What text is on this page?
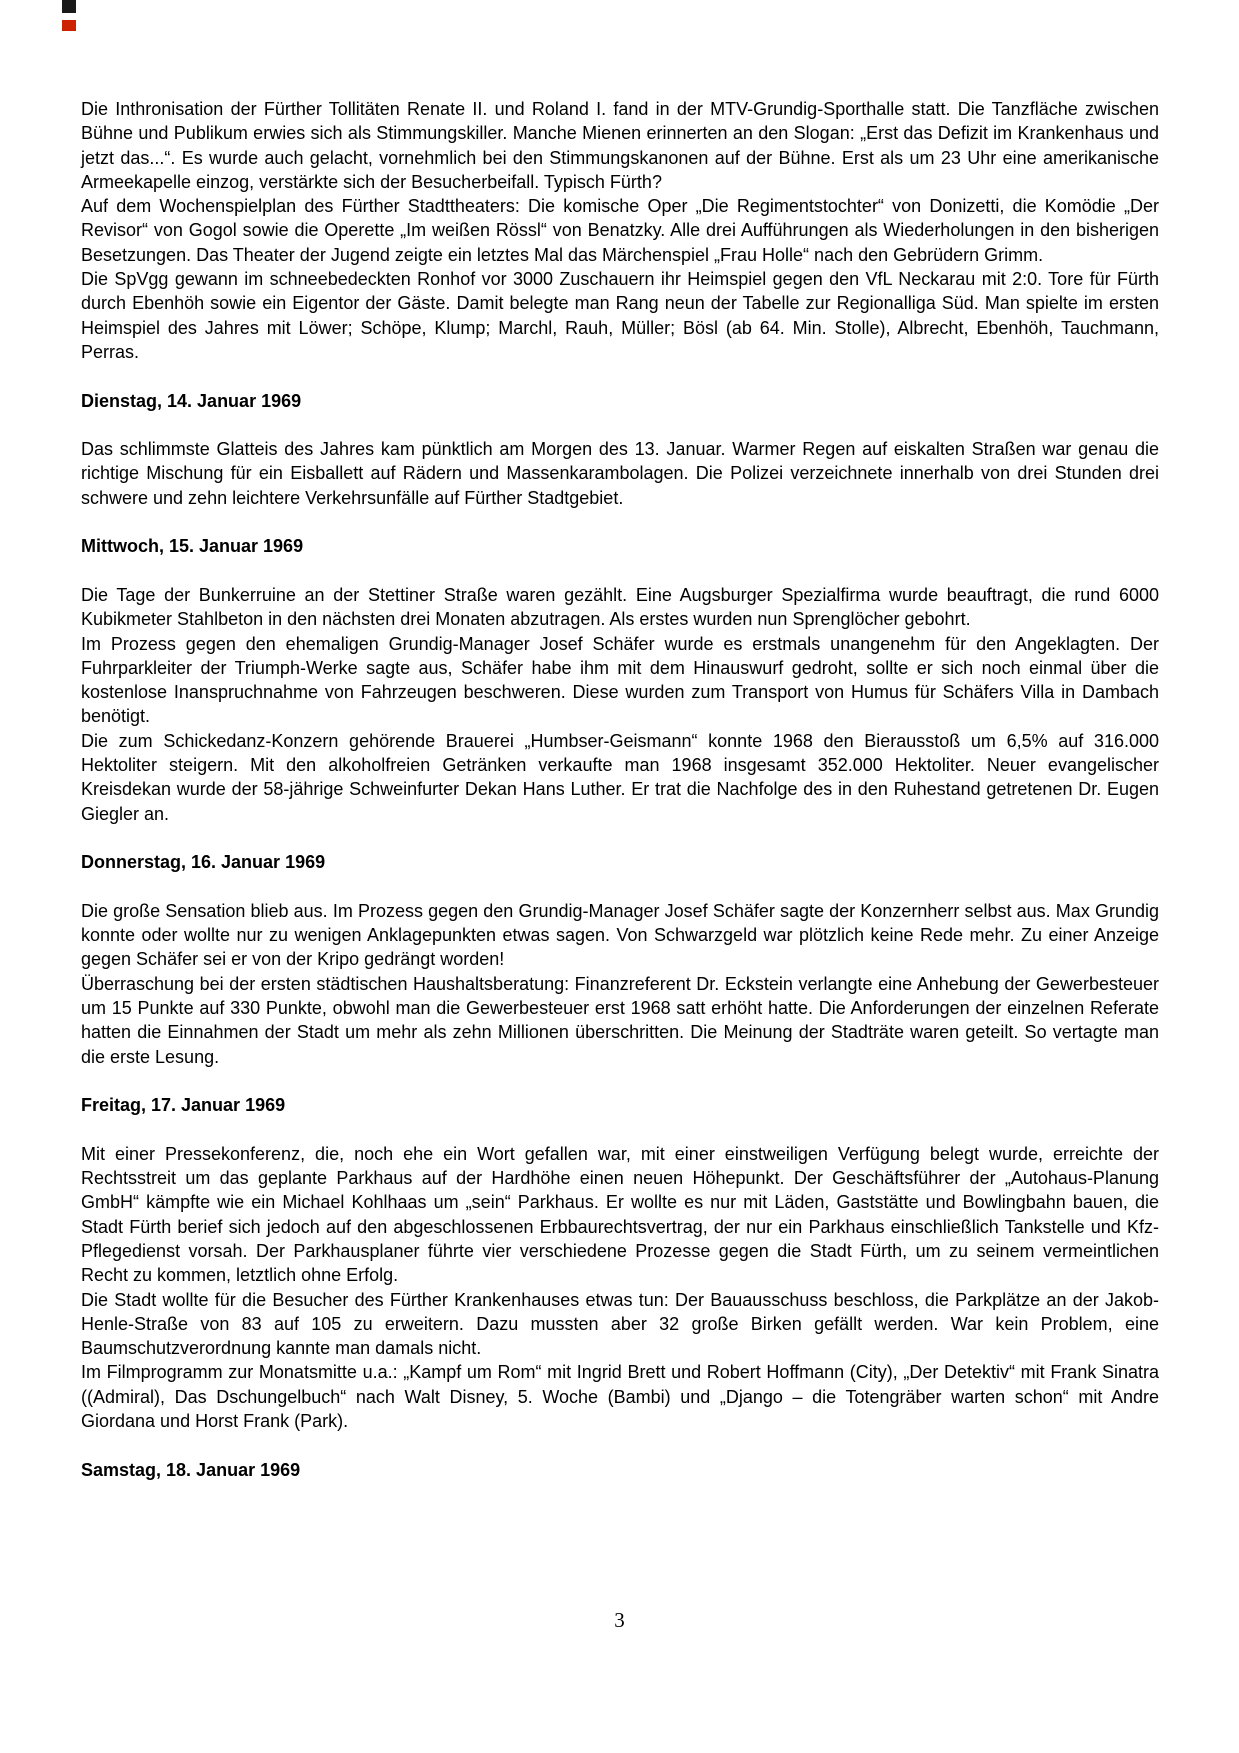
Die Inthronisation der Fürther Tollitäten Renate II. und Roland I. fand in der MTV-Grundig-Sporthalle statt. Die Tanzfläche zwischen Bühne und Publikum erwies sich als Stimmungskiller. Manche Mienen erinnerten an den Slogan: „Erst das Defizit im Krankenhaus und jetzt das...“. Es wurde auch gelacht, vornehmlich bei den Stimmungskanonen auf der Bühne. Erst als um 23 Uhr eine amerikanische Armeekapelle einzog, verstärkte sich der Besucherbeifall. Typisch Fürth?

Auf dem Wochenspielplan des Fürther Stadttheaters: Die komische Oper „Die Regimentstochter“ von Donizetti, die Komödie „Der Revisor“ von Gogol sowie die Operette „Im weißen Rössl“ von Benatzky. Alle drei Aufführungen als Wiederholungen in den bisherigen Besetzungen. Das Theater der Jugend zeigte ein letztes Mal das Märchenspiel „Frau Holle“ nach den Gebrüdern Grimm.

Die SpVgg gewann im schneebedeckten Ronhof vor 3000 Zuschauern ihr Heimspiel gegen den VfL Neckarau mit 2:0. Tore für Fürth durch Ebenhöh sowie ein Eigentor der Gäste. Damit belegte man Rang neun der Tabelle zur Regionalliga Süd. Man spielte im ersten Heimspiel des Jahres mit Löwer; Schöpe, Klump; Marchl, Rauh, Müller; Bösl (ab 64. Min. Stolle), Albrecht, Ebenhöh, Tauchmann, Perras.

Dienstag, 14. Januar 1969

Das schlimmste Glatteis des Jahres kam pünktlich am Morgen des 13. Januar. Warmer Regen auf eiskalten Straßen war genau die richtige Mischung für ein Eisballett auf Rädern und Massenkarambolagen. Die Polizei verzeichnete innerhalb von drei Stunden drei schwere und zehn leichtere Verkehrsunfälle auf Fürther Stadtgebiet.

Mittwoch, 15. Januar 1969

Die Tage der Bunkerruine an der Stettiner Straße waren gezählt. Eine Augsburger Spezialfirma wurde beauftragt, die rund 6000 Kubikmeter Stahlbeton in den nächsten drei Monaten abzutragen. Als erstes wurden nun Sprenglöcher gebohrt.

Im Prozess gegen den ehemaligen Grundig-Manager Josef Schäfer wurde es erstmals unangenehm für den Angeklagten. Der Fuhrparkleiter der Triumph-Werke sagte aus, Schäfer habe ihm mit dem Hinauswurf gedroht, sollte er sich noch einmal über die kostenlose Inanspruchnahme von Fahrzeugen beschweren. Diese wurden zum Transport von Humus für Schäfers Villa in Dambach benötigt.

Die zum Schickedanz-Konzern gehörende Brauerei „Humbser-Geismann“ konnte 1968 den Bierausstoß um 6,5% auf 316.000 Hektoliter steigern. Mit den alkoholfreien Getränken verkaufte man 1968 insgesamt 352.000 Hektoliter. Neuer evangelischer Kreisdekan wurde der 58-jährige Schweinfurter Dekan Hans Luther. Er trat die Nachfolge des in den Ruhestand getretenen Dr. Eugen Giegler an.

Donnerstag, 16. Januar 1969

Die große Sensation blieb aus. Im Prozess gegen den Grundig-Manager Josef Schäfer sagte der Konzernherr selbst aus. Max Grundig konnte oder wollte nur zu wenigen Anklagepunkten etwas sagen. Von Schwarzgeld war plötzlich keine Rede mehr. Zu einer Anzeige gegen Schäfer sei er von der Kripo gedrängt worden!

Überraschung bei der ersten städtischen Haushaltsberatung: Finanzreferent Dr. Eckstein verlangte eine Anhebung der Gewerbesteuer um 15 Punkte auf 330 Punkte, obwohl man die Gewerbesteuer erst 1968 satt erhöht hatte. Die Anforderungen der einzelnen Referate hatten die Einnahmen der Stadt um mehr als zehn Millionen überschritten. Die Meinung der Stadträte waren geteilt. So vertagte man die erste Lesung.

Freitag, 17. Januar 1969

Mit einer Pressekonferenz, die, noch ehe ein Wort gefallen war, mit einer einstweiligen Verfügung belegt wurde, erreichte der Rechtsstreit um das geplante Parkhaus auf der Hardhöhe einen neuen Höhepunkt. Der Geschäftsführer der „Autohaus-Planung GmbH“ kämpfte wie ein Michael Kohlhaas um „sein“ Parkhaus. Er wollte es nur mit Läden, Gaststätte und Bowlingbahn bauen, die Stadt Fürth berief sich jedoch auf den abgeschlossenen Erbbaurechtsvertrag, der nur ein Parkhaus einschließlich Tankstelle und Kfz-Pflegedienst vorsah. Der Parkhausplaner führte vier verschiedene Prozesse gegen die Stadt Fürth, um zu seinem vermeintlichen Recht zu kommen, letztlich ohne Erfolg.

Die Stadt wollte für die Besucher des Fürther Krankenhauses etwas tun: Der Bauausschuss beschloss, die Parkplätze an der Jakob-Henle-Straße von 83 auf 105 zu erweitern. Dazu mussten aber 32 große Birken gefällt werden. War kein Problem, eine Baumschutzverordnung kannte man damals nicht.

Im Filmprogramm zur Monatsmitte u.a.: „Kampf um Rom“ mit Ingrid Brett und Robert Hoffmann (City), „Der Detektiv“ mit Frank Sinatra ((Admiral), Das Dschungelbuch“ nach Walt Disney, 5. Woche (Bambi) und „Django – die Totengräber warten schon“ mit Andre Giordana und Horst Frank (Park).

Samstag, 18. Januar 1969
3
